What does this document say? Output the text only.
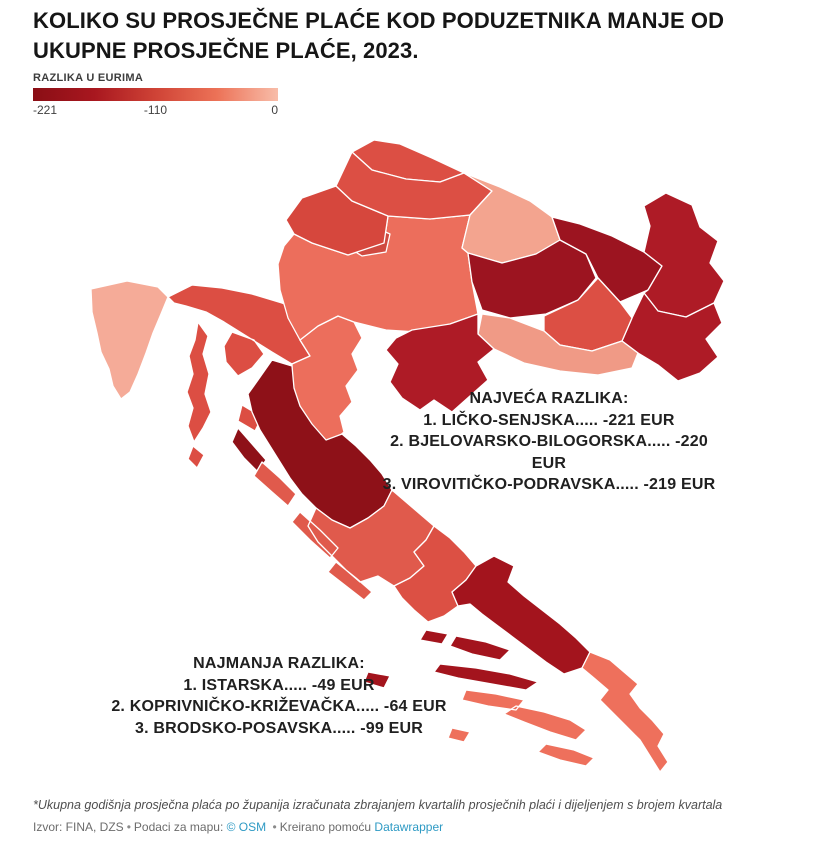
KOLIKO SU PROSJEČNE PLAĆE KOD PODUZETNIKA MANJE OD UKUPNE PROSJEČNE PLAĆE, 2023.
RAZLIKA U EURIMA
-221	-110	0
NAJVEĆA RAZLIKA:
1. LIČKO-SENJSKA..... -221 EUR
2. BJELOVARSKO-BILOGORSKA..... -220 EUR
3. VIROVITIČKO-PODRAVSKA..... -219 EUR
NAJMANJA RAZLIKA:
1. ISTARSKA..... -49 EUR
2. KOPRIVNIČKO-KRIŽEVAČKA..... -64 EUR
3. BRODSKO-POSAVSKA..... -99 EUR
*Ukupna godišnja prosječna plaća po županija izračunata zbrajanjem kvartalih prosječnih plaći i dijeljenjem s brojem kvartala
Izvor: FINA, DZS • Podaci za mapu: © OSM • Kreirano pomoću Datawrapper
